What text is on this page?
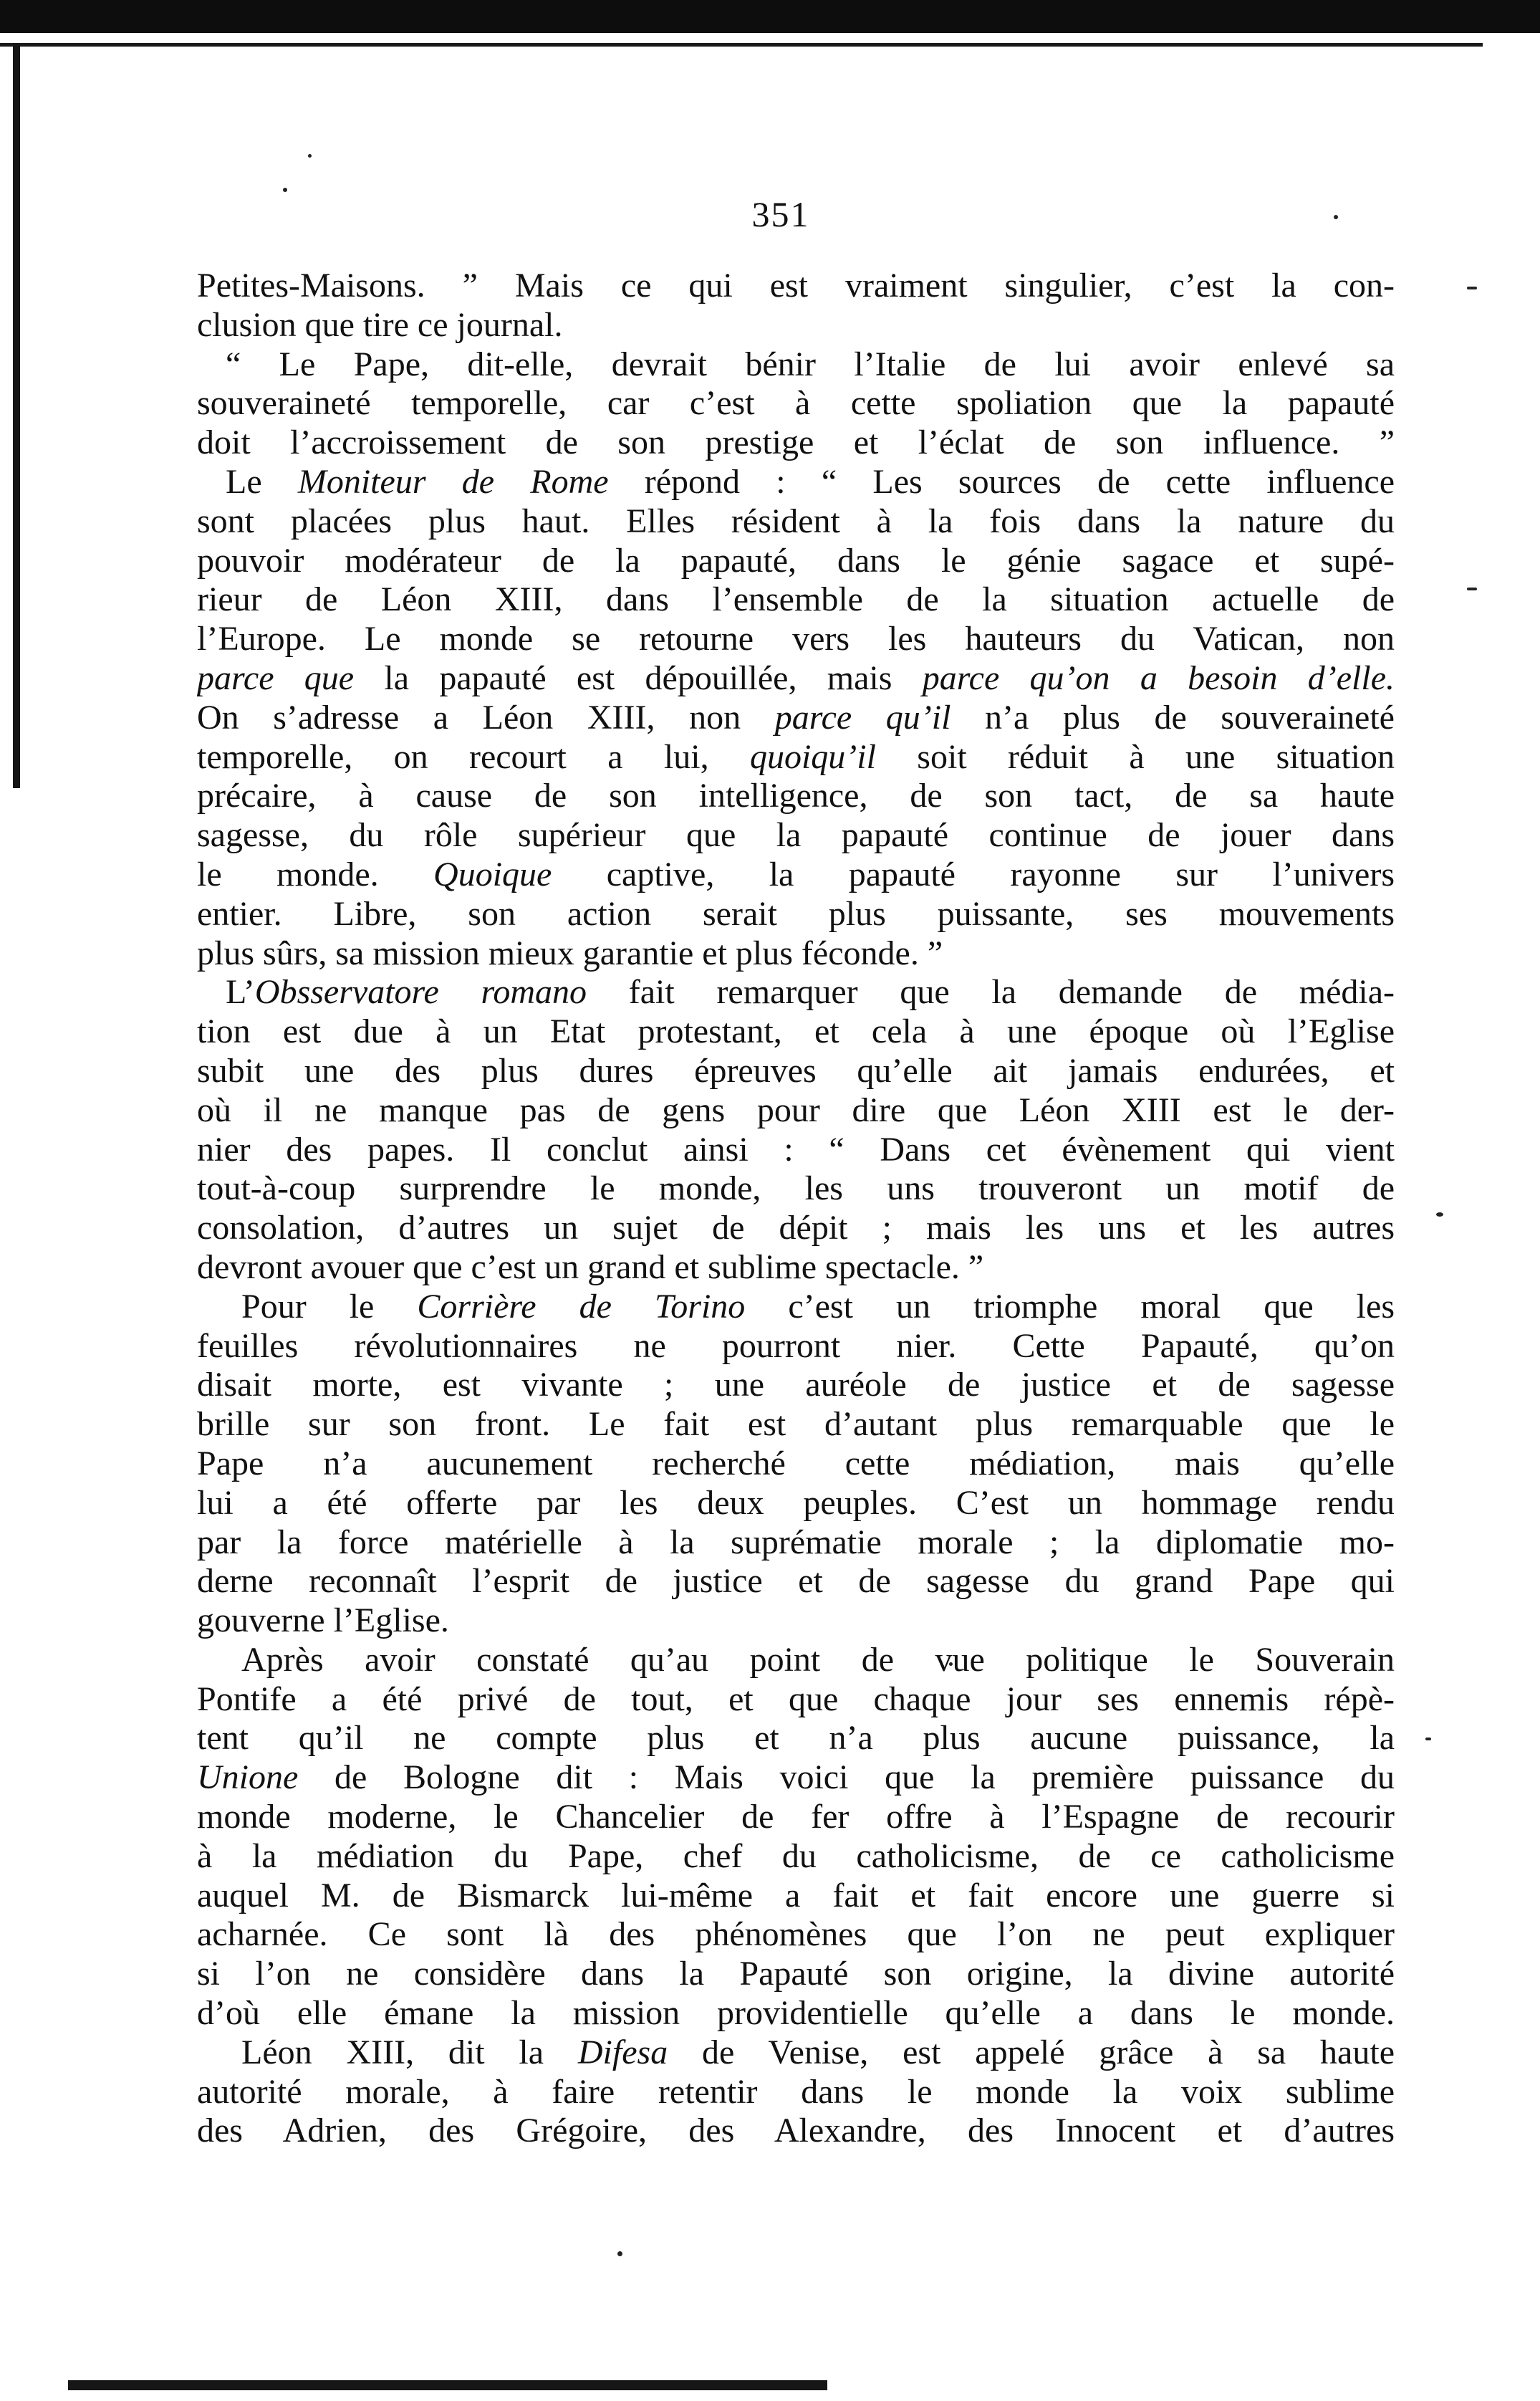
351
Petites-Maisons. ” Mais ce qui est vraiment singulier, c’est la con-
clusion que tire ce journal.
“ Le Pape, dit-elle, devrait bénir l’Italie de lui avoir enlevé sa
souveraineté temporelle, car c’est à cette spoliation que la papauté
doit l’accroissement de son prestige et l’éclat de son influence. ”
Le Moniteur de Rome répond : “ Les sources de cette influence
sont placées plus haut. Elles résident à la fois dans la nature du
pouvoir modérateur de la papauté, dans le génie sagace et supé-
rieur de Léon XIII, dans l’ensemble de la situation actuelle de
l’Europe. Le monde se retourne vers les hauteurs du Vatican, non
parce que la papauté est dépouillée, mais parce qu’on a besoin d’elle.
On s’adresse a Léon XIII, non parce qu’il n’a plus de souveraineté
temporelle, on recourt a lui, quoiqu’il soit réduit à une situation
précaire, à cause de son intelligence, de son tact, de sa haute
sagesse, du rôle supérieur que la papauté continue de jouer dans
le monde. Quoique captive, la papauté rayonne sur l’univers
entier. Libre, son action serait plus puissante, ses mouvements
plus sûrs, sa mission mieux garantie et plus féconde. ”
L’Obsservatore romano fait remarquer que la demande de média-
tion est due à un Etat protestant, et cela à une époque où l’Eglise
subit une des plus dures épreuves qu’elle ait jamais endurées, et
où il ne manque pas de gens pour dire que Léon XIII est le der-
nier des papes. Il conclut ainsi : “ Dans cet évènement qui vient
tout-à-coup surprendre le monde, les uns trouveront un motif de
consolation, d’autres un sujet de dépit ; mais les uns et les autres
devront avouer que c’est un grand et sublime spectacle. ”
Pour le Corrière de Torino c’est un triomphe moral que les
feuilles révolutionnaires ne pourront nier. Cette Papauté, qu’on
disait morte, est vivante ; une auréole de justice et de sagesse
brille sur son front. Le fait est d’autant plus remarquable que le
Pape n’a aucunement recherché cette médiation, mais qu’elle
lui a été offerte par les deux peuples. C’est un hommage rendu
par la force matérielle à la suprématie morale ; la diplomatie mo-
derne reconnaît l’esprit de justice et de sagesse du grand Pape qui
gouverne l’Eglise.
Après avoir constaté qu’au point de vue politique le Souverain
Pontife a été privé de tout, et que chaque jour ses ennemis répè-
tent qu’il ne compte plus et n’a plus aucune puissance, la
Unione de Bologne dit : Mais voici que la première puissance du
monde moderne, le Chancelier de fer offre à l’Espagne de recourir
à la médiation du Pape, chef du catholicisme, de ce catholicisme
auquel M. de Bismarck lui-même a fait et fait encore une guerre si
acharnée. Ce sont là des phénomènes que l’on ne peut expliquer
si l’on ne considère dans la Papauté son origine, la divine autorité
d’où elle émane la mission providentielle qu’elle a dans le monde.
Léon XIII, dit la Difesa de Venise, est appelé grâce à sa haute
autorité morale, à faire retentir dans le monde la voix sublime
des Adrien, des Grégoire, des Alexandre, des Innocent et d’autres
